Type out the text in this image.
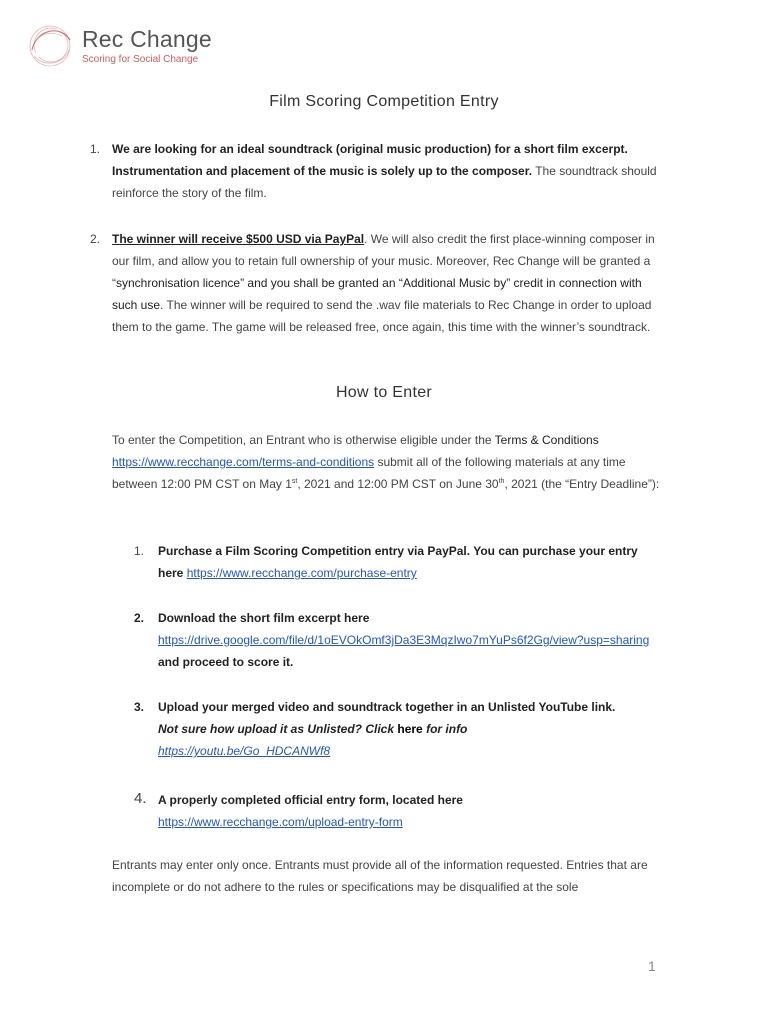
Rec Change
Scoring for Social Change
Film Scoring Competition Entry
1. We are looking for an ideal soundtrack (original music production) for a short film excerpt. Instrumentation and placement of the music is solely up to the composer. The soundtrack should reinforce the story of the film.

2. The winner will receive $500 USD via PayPal. We will also credit the first place-winning composer in our film, and allow you to retain full ownership of your music. Moreover, Rec Change will be granted a “synchronisation licence” and you shall be granted an “Additional Music by” credit in connection with such use. The winner will be required to send the .wav file materials to Rec Change in order to upload them to the game. The game will be released free, once again, this time with the winner’s soundtrack.

How to Enter

To enter the Competition, an Entrant who is otherwise eligible under the Terms & Conditions
https://www.recchange.com/terms-and-conditions submit all of the following materials at any time between 12:00 PM CST on May 1st, 2021 and 12:00 PM CST on June 30th, 2021 (the “Entry Deadline”):

1. Purchase a Film Scoring Competition entry via PayPal. You can purchase your entry here https://www.recchange.com/purchase-entry

2. Download the short film excerpt here
https://drive.google.com/file/d/1oEVOkOmf3jDa3E3MqzIwo7mYuPs6f2Gg/view?usp=sharing and proceed to score it.

3. Upload your merged video and soundtrack together in an Unlisted YouTube link.
Not sure how upload it as Unlisted? Click here for info
https://youtu.be/Go_HDCANWf8

4. A properly completed official entry form, located here
https://www.recchange.com/upload-entry-form

Entrants may enter only once. Entrants must provide all of the information requested. Entries that are incomplete or do not adhere to the rules or specifications may be disqualified at the sole

1
